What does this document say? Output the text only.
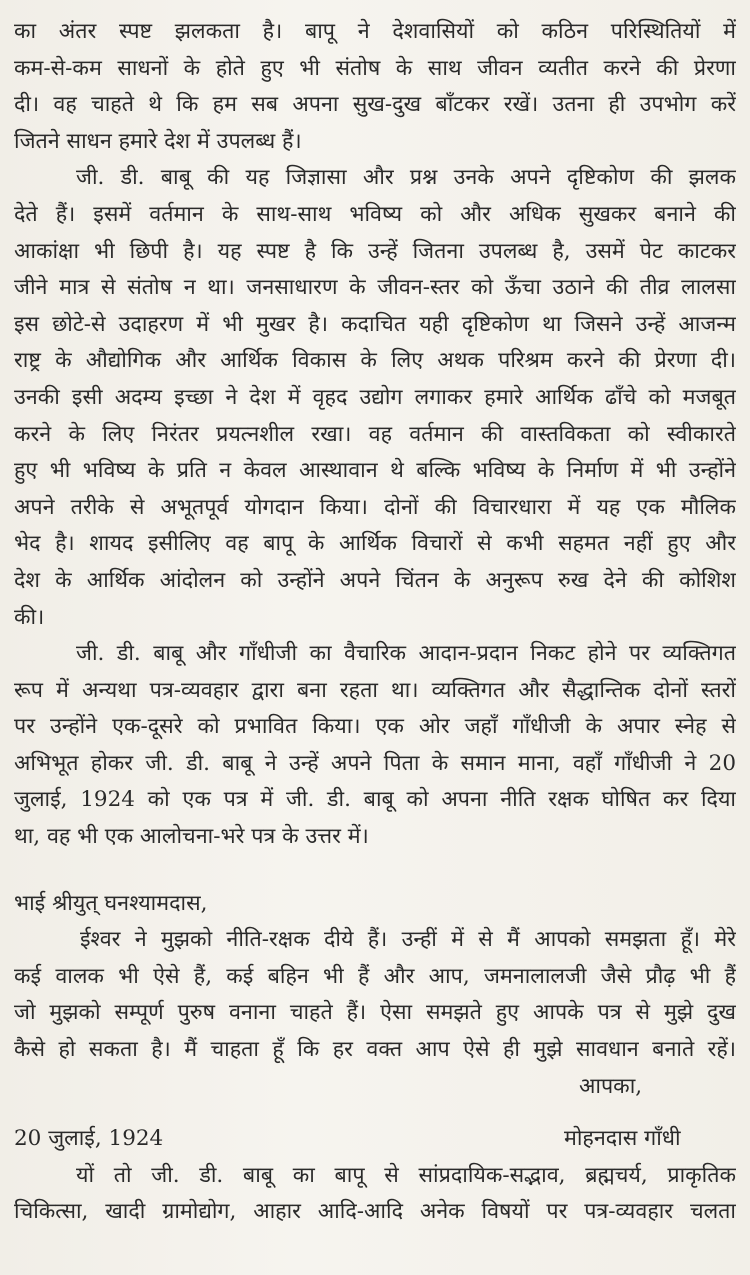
का अंतर स्पष्ट झलकता है। बापू ने देशवासियों को कठिन परिस्थितियों में
कम-से-कम साधनों के होते हुए भी संतोष के साथ जीवन व्यतीत करने की प्रेरणा
दी। वह चाहते थे कि हम सब अपना सुख-दुख बाँटकर रखें। उतना ही उपभोग करें
जितने साधन हमारे देश में उपलब्ध हैं।
जी. डी. बाबू की यह जिज्ञासा और प्रश्न उनके अपने दृष्टिकोण की झलक
देते हैं। इसमें वर्तमान के साथ-साथ भविष्य को और अधिक सुखकर बनाने की
आकांक्षा भी छिपी है। यह स्पष्ट है कि उन्हें जितना उपलब्ध है, उसमें पेट काटकर
जीने मात्र से संतोष न था। जनसाधारण के जीवन-स्तर को ऊँचा उठाने की तीव्र लालसा
इस छोटे-से उदाहरण में भी मुखर है। कदाचित यही दृष्टिकोण था जिसने उन्हें आजन्म
राष्ट्र के औद्योगिक और आर्थिक विकास के लिए अथक परिश्रम करने की प्रेरणा दी।
उनकी इसी अदम्य इच्छा ने देश में वृहद उद्योग लगाकर हमारे आर्थिक ढाँचे को मजबूत
करने के लिए निरंतर प्रयत्नशील रखा। वह वर्तमान की वास्तविकता को स्वीकारते
हुए भी भविष्य के प्रति न केवल आस्थावान थे बल्कि भविष्य के निर्माण में भी उन्होंने
अपने तरीके से अभूतपूर्व योगदान किया। दोनों की विचारधारा में यह एक मौलिक
भेद है। शायद इसीलिए वह बापू के आर्थिक विचारों से कभी सहमत नहीं हुए और
देश के आर्थिक आंदोलन को उन्होंने अपने चिंतन के अनुरूप रुख देने की कोशिश
की।
जी. डी. बाबू और गाँधीजी का वैचारिक आदान-प्रदान निकट होने पर व्यक्तिगत
रूप में अन्यथा पत्र-व्यवहार द्वारा बना रहता था। व्यक्तिगत और सैद्धान्तिक दोनों स्तरों
पर उन्होंने एक-दूसरे को प्रभावित किया। एक ओर जहाँ गाँधीजी के अपार स्नेह से
अभिभूत होकर जी. डी. बाबू ने उन्हें अपने पिता के समान माना, वहाँ गाँधीजी ने 20
जुलाई, 1924 को एक पत्र में जी. डी. बाबू को अपना नीति रक्षक घोषित कर दिया
था, वह भी एक आलोचना-भरे पत्र के उत्तर में।
भाई श्रीयुत् घनश्यामदास,
ईश्वर ने मुझको नीति-रक्षक दीये हैं। उन्हीं में से मैं आपको समझता हूँ। मेरे
कई वालक भी ऐसे हैं, कई बहिन भी हैं और आप, जमनालालजी जैसे प्रौढ़ भी हैं
जो मुझको सम्पूर्ण पुरुष वनाना चाहते हैं। ऐसा समझते हुए आपके पत्र से मुझे दुख
कैसे हो सकता है। मैं चाहता हूँ कि हर वक्त आप ऐसे ही मुझे सावधान बनाते रहें।
आपका,
20 जुलाई, 1924	मोहनदास गाँधी
यों तो जी. डी. बाबू का बापू से सांप्रदायिक-सद्भाव, ब्रह्मचर्य, प्राकृतिक
चिकित्सा, खादी ग्रामोद्योग, आहार आदि-आदि अनेक विषयों पर पत्र-व्यवहार चलता
